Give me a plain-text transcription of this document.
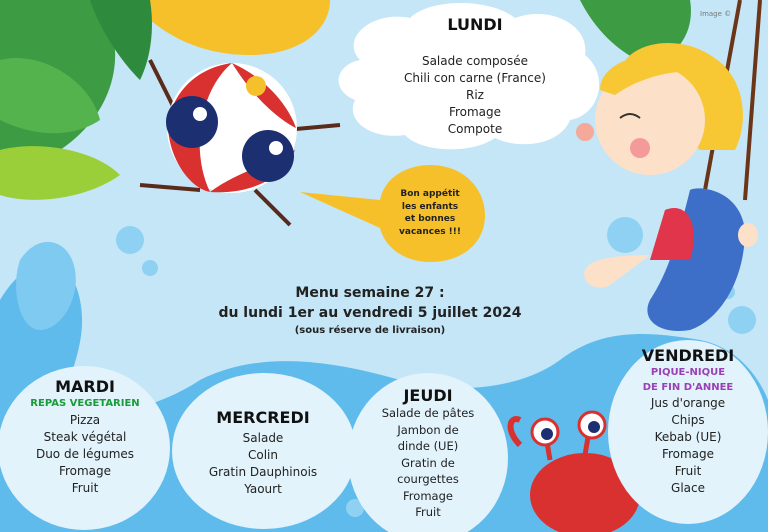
Image ©
LUNDI
Salade composée
Chili con carne (France)
Riz
Fromage
Compote
Bon appétit
les enfants
et bonnes
vacances !!!
Menu semaine 27 :
du lundi 1er au vendredi 5 juillet 2024
(sous réserve de livraison)
MARDI
REPAS VEGETARIEN
Pizza
Steak végétal
Duo de légumes
Fromage
Fruit
MERCREDI
Salade
Colin
Gratin Dauphinois
Yaourt
JEUDI
Salade de pâtes
Jambon de
dinde (UE)
Gratin de
courgettes
Fromage
Fruit
VENDREDI
PIQUE-NIQUE
DE FIN D'ANNEE
Jus d'orange
Chips
Kebab (UE)
Fromage
Fruit
Glace
